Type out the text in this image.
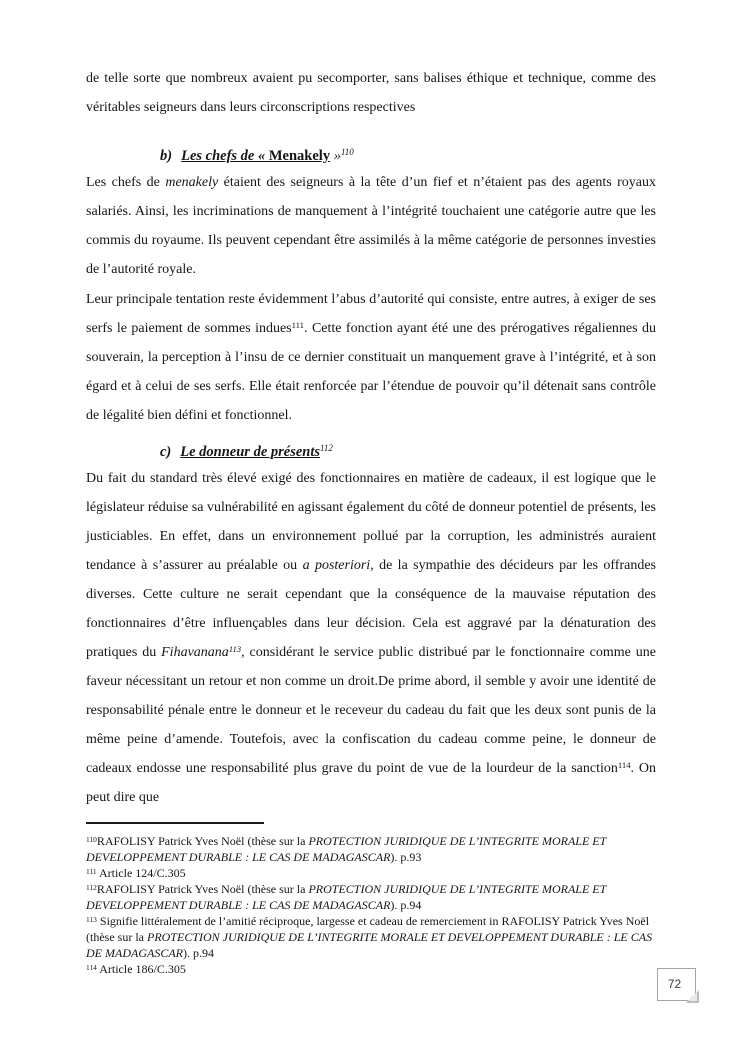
de telle sorte que nombreux avaient pu secomporter, sans balises éthique et technique, comme des véritables seigneurs dans leurs circonscriptions respectives

b) Les chefs de « Menakely »$^{110}$

Les chefs de menakely étaient des seigneurs à la tête d’un fief et n’étaient pas des agents royaux salariés. Ainsi, les incriminations de manquement à l’intégrité touchaient une catégorie autre que les commis du royaume. Ils peuvent cependant être assimilés à la même catégorie de personnes investies de l’autorité royale.

Leur principale tentation reste évidemment l’abus d’autorité qui consiste, entre autres, à exiger de ses serfs le paiement de sommes indues$^{111}$. Cette fonction ayant été une des prérogatives régaliennes du souverain, la perception à l’insu de ce dernier constituait un manquement grave à l’intégrité, et à son égard et à celui de ses serfs. Elle était renforcée par l’étendue de pouvoir qu’il détenait sans contrôle de légalité bien défini et fonctionnel.

c) Le donneur de présents$^{112}$

Du fait du standard très élevé exigé des fonctionnaires en matière de cadeaux, il est logique que le législateur réduise sa vulnérabilité en agissant également du côté de donneur potentiel de présents, les justiciables. En effet, dans un environnement pollué par la corruption, les administrés auraient tendance à s’assurer au préalable ou a posteriori, de la sympathie des décideurs par les offrandes diverses. Cette culture ne serait cependant que la conséquence de la mauvaise réputation des fonctionnaires d’être influençables dans leur décision. Cela est aggravé par la dénaturation des pratiques du Fihavanana$^{113}$, considérant le service public distribué par le fonctionnaire comme une faveur nécessitant un retour et non comme un droit.De prime abord, il semble y avoir une identité de responsabilité pénale entre le donneur et le receveur du cadeau du fait que les deux sont punis de la même peine d’amende. Toutefois, avec la confiscation du cadeau comme peine, le donneur de cadeaux endosse une responsabilité plus grave du point de vue de la lourdeur de la sanction$^{114}$. On peut dire que

$^{110}$RAFOLISY Patrick Yves Noël (thèse sur la PROTECTION JURIDIQUE DE L’INTEGRITE MORALE ET DEVELOPPEMENT DURABLE : LE CAS DE MADAGASCAR). p.93
$^{111}$ Article 124/C.305
$^{112}$RAFOLISY Patrick Yves Noël (thèse sur la PROTECTION JURIDIQUE DE L’INTEGRITE MORALE ET DEVELOPPEMENT DURABLE : LE CAS DE MADAGASCAR). p.94
$^{113}$ Signifie littéralement de l’amitié réciproque, largesse et cadeau de remerciement in RAFOLISY Patrick Yves Noël (thèse sur la PROTECTION JURIDIQUE DE L’INTEGRITE MORALE ET DEVELOPPEMENT DURABLE : LE CAS DE MADAGASCAR). p.94
$^{114}$ Article 186/C.305
72
